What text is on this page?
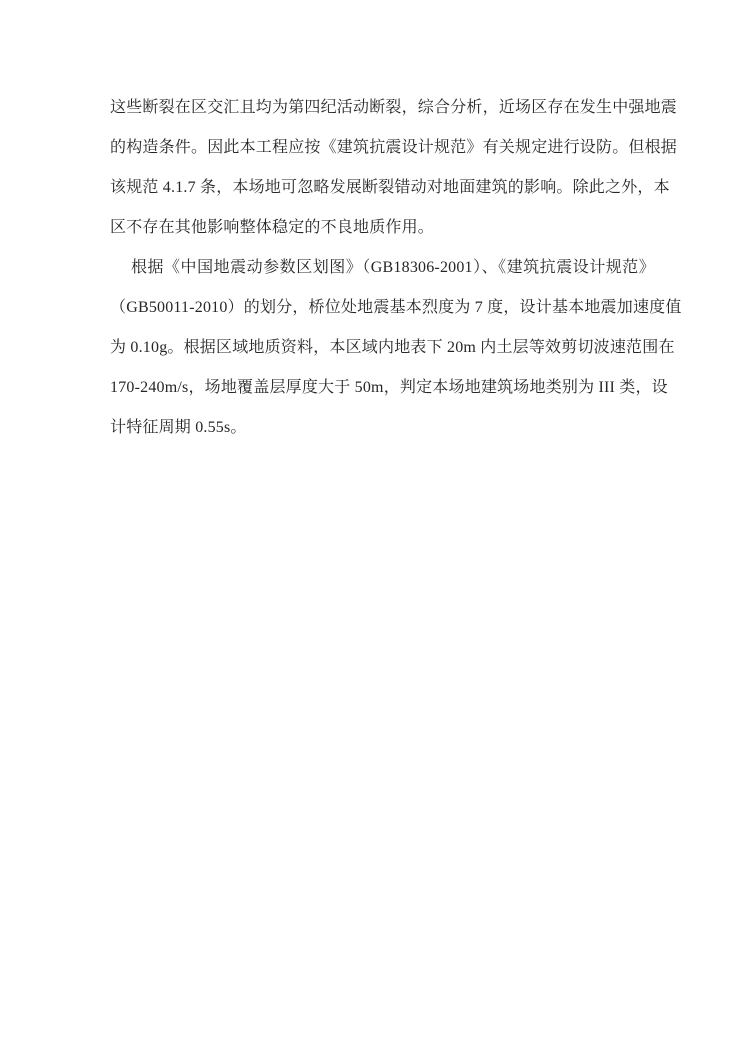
这些断裂在区交汇且均为第四纪活动断裂，综合分析，近场区存在发生中强地震
的构造条件。因此本工程应按《建筑抗震设计规范》有关规定进行设防。但根据
该规范 4.1.7 条，本场地可忽略发展断裂错动对地面建筑的影响。除此之外，本
区不存在其他影响整体稳定的不良地质作用。
根据《中国地震动参数区划图》（GB18306-2001）、《建筑抗震设计规范》
（GB50011-2010）的划分，桥位处地震基本烈度为 7 度，设计基本地震加速度值
为 0.10g。根据区域地质资料，本区域内地表下 20m 内土层等效剪切波速范围在
170-240m/s，场地覆盖层厚度大于 50m，判定本场地建筑场地类别为 III 类，设
计特征周期 0.55s。
